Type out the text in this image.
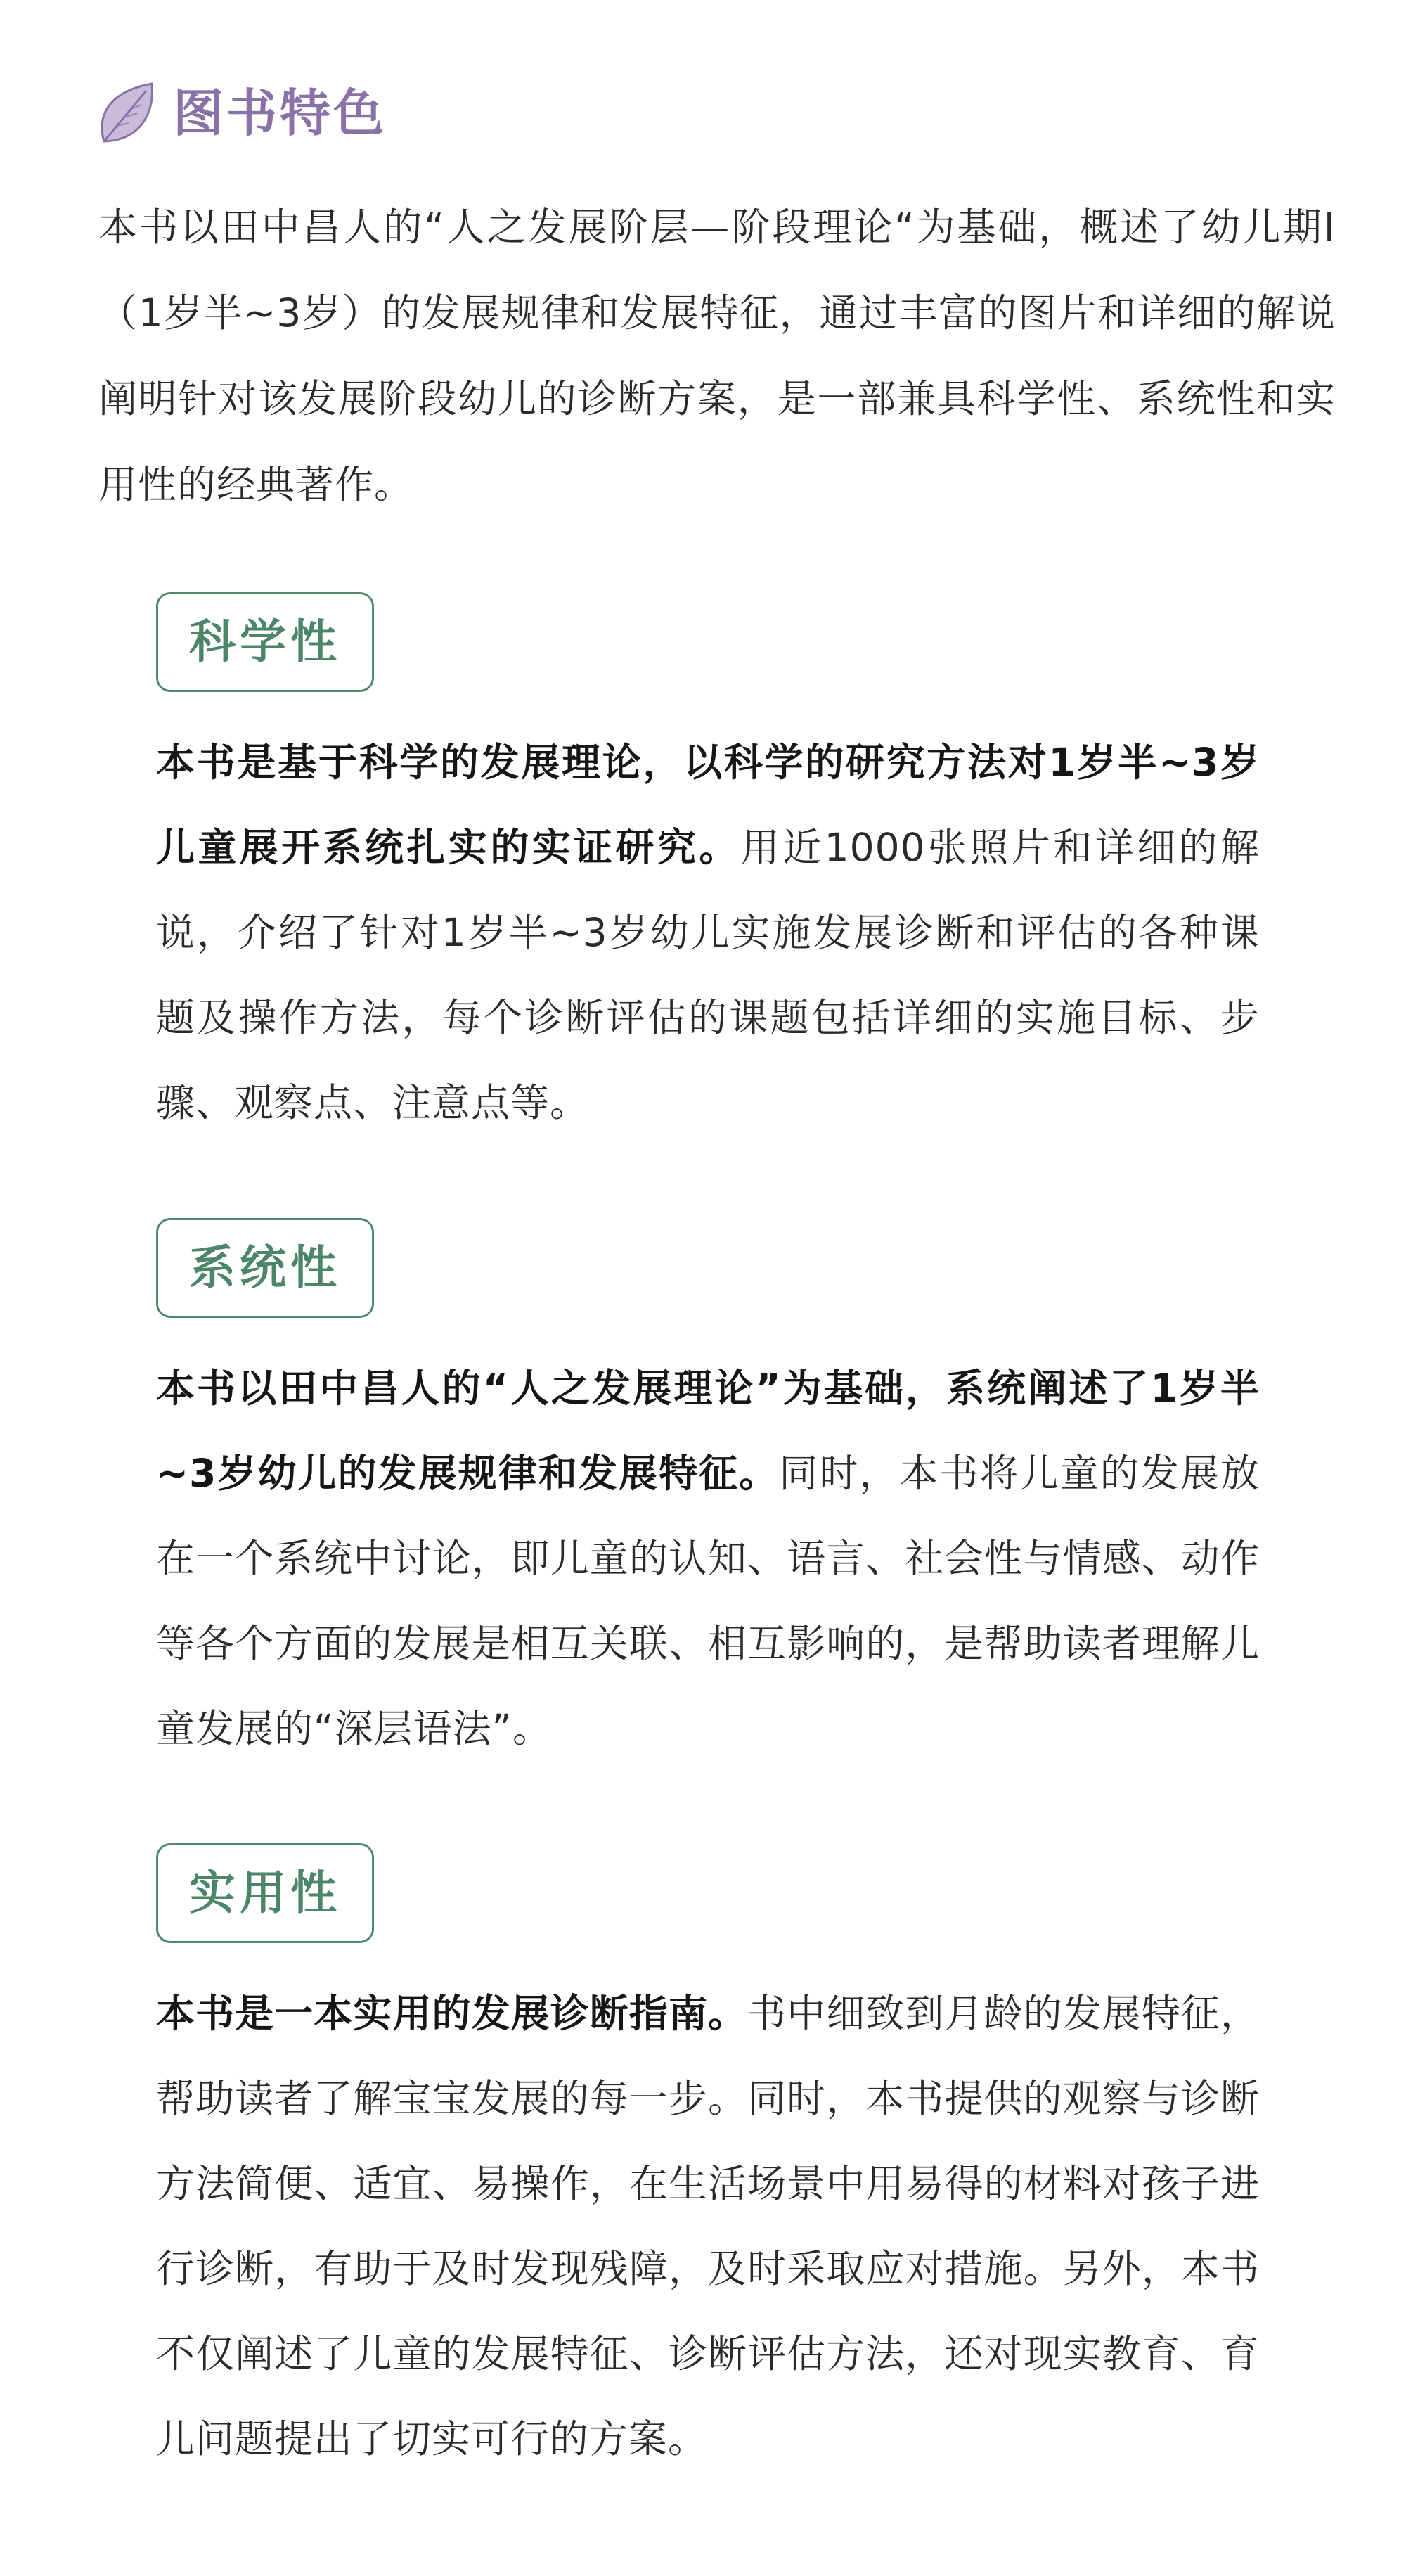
图书特色
本书以田中昌人的“人之发展阶层—阶段理论“为基础，概述了幼儿期Ⅰ（1岁半~3岁）的发展规律和发展特征，通过丰富的图片和详细的解说阐明针对该发展阶段幼儿的诊断方案，是一部兼具科学性、系统性和实用性的经典著作。
科学性
本书是基于科学的发展理论，以科学的研究方法对1岁半~3岁儿童展开系统扎实的实证研究。用近1000张照片和详细的解说，介绍了针对1岁半~3岁幼儿实施发展诊断和评估的各种课题及操作方法，每个诊断评估的课题包括详细的实施目标、步骤、观察点、注意点等。
系统性
本书以田中昌人的“人之发展理论”为基础，系统阐述了1岁半~3岁幼儿的发展规律和发展特征。同时，本书将儿童的发展放在一个系统中讨论，即儿童的认知、语言、社会性与情感、动作等各个方面的发展是相互关联、相互影响的，是帮助读者理解儿童发展的“深层语法”。
实用性
本书是一本实用的发展诊断指南。书中细致到月龄的发展特征，帮助读者了解宝宝发展的每一步。同时，本书提供的观察与诊断方法简便、适宜、易操作，在生活场景中用易得的材料对孩子进行诊断，有助于及时发现残障，及时采取应对措施。另外，本书不仅阐述了儿童的发展特征、诊断评估方法，还对现实教育、育儿问题提出了切实可行的方案。
